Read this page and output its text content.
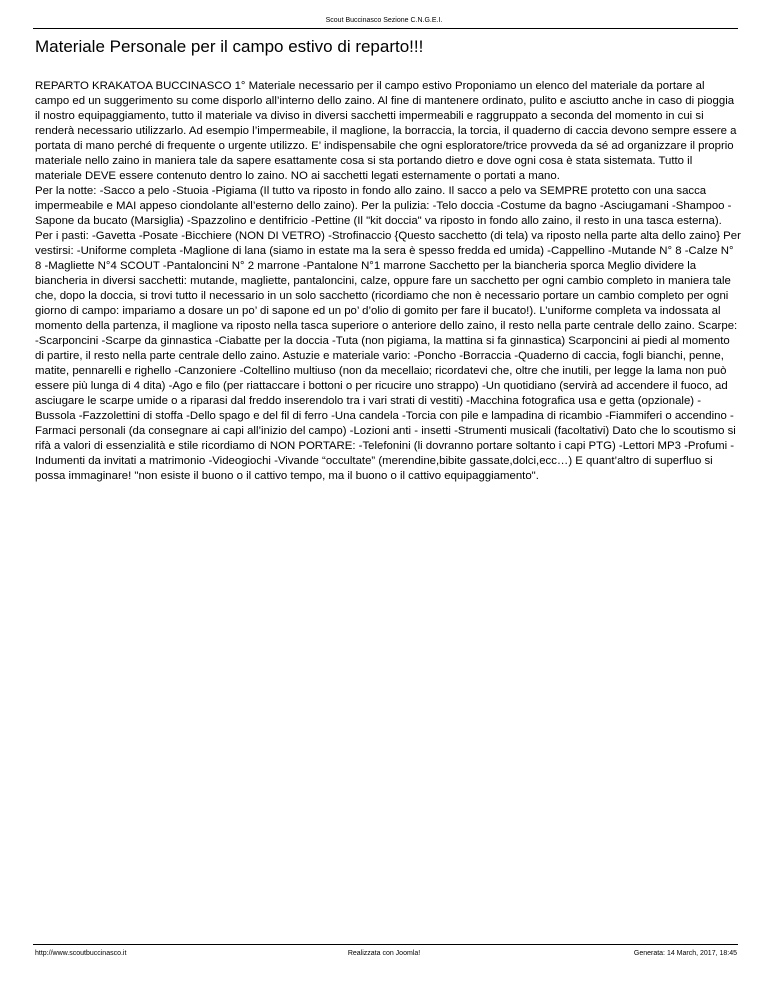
Scout Buccinasco Sezione C.N.G.E.I.
Materiale Personale per il campo estivo di reparto!!!

REPARTO KRAKATOA BUCCINASCO 1° Materiale necessario per il campo estivo Proponiamo un elenco del materiale da portare al campo ed un suggerimento su come disporlo all’interno dello zaino. Al fine di mantenere ordinato, pulito e asciutto anche in caso di pioggia il nostro equipaggiamento, tutto il materiale va diviso in diversi sacchetti impermeabili e raggruppato a seconda del momento in cui si renderà necessario utilizzarlo. Ad esempio l’impermeabile, il maglione, la borraccia, la torcia, il quaderno di caccia devono sempre essere a portata di mano perché di frequente o urgente utilizzo. E’ indispensabile che ogni esploratore/trice provveda da sé ad organizzare il proprio materiale nello zaino in maniera tale da sapere esattamente cosa si sta portando dietro e dove ogni cosa è stata sistemata. Tutto il materiale DEVE essere contenuto dentro lo zaino. NO ai sacchetti legati esternamente o portati a mano.

Per la notte: -Sacco a pelo -Stuoia -Pigiama (Il tutto va riposto in fondo allo zaino. Il sacco a pelo va SEMPRE protetto con una sacca impermeabile e MAI appeso ciondolante all’esterno dello zaino). Per la pulizia: -Telo doccia -Costume da bagno -Asciugamani -Shampoo -Sapone da bucato (Marsiglia) -Spazzolino e dentifricio -Pettine (Il "kit doccia" va riposto in fondo allo zaino, il resto in una tasca esterna). Per i pasti: -Gavetta -Posate -Bicchiere (NON DI VETRO) -Strofinaccio {Questo sacchetto (di tela) va riposto nella parte alta dello zaino} Per vestirsi: -Uniforme completa -Maglione di lana (siamo in estate ma la sera è spesso fredda ed umida) -Cappellino -Mutande N° 8 -Calze N° 8 -Magliette N°4 SCOUT -Pantaloncini N° 2 marrone -Pantalone N°1 marrone Sacchetto per la biancheria sporca Meglio dividere la biancheria in diversi sacchetti: mutande, magliette, pantaloncini, calze, oppure fare un sacchetto per ogni cambio completo in maniera tale che, dopo la doccia, si trovi tutto il necessario in un solo sacchetto (ricordiamo che non è necessario portare un cambio completo per ogni giorno di campo: impariamo a dosare un po’ di sapone ed un po’ d’olio di gomito per fare il bucato!). L’uniforme completa va indossata al momento della partenza, il maglione va riposto nella tasca superiore o anteriore dello zaino, il resto nella parte centrale dello zaino. Scarpe: -Scarponcini -Scarpe da ginnastica -Ciabatte per la doccia -Tuta (non pigiama, la mattina si fa ginnastica) Scarponcini ai piedi al momento di partire, il resto nella parte centrale dello zaino. Astuzie e materiale vario: -Poncho -Borraccia -Quaderno di caccia, fogli bianchi, penne, matite, pennarelli e righello -Canzoniere -Coltellino multiuso (non da mecellaio; ricordatevi che, oltre che inutili, per legge la lama non può essere più lunga di 4 dita) -Ago e filo (per riattaccare i bottoni o per ricucire uno strappo) -Un quotidiano (servirà ad accendere il fuoco, ad asciugare le scarpe umide o a riparasi dal freddo inserendolo tra i vari strati di vestiti) -Macchina fotografica usa e getta (opzionale) -Bussola -Fazzolettini di stoffa -Dello spago e del fil di ferro -Una candela -Torcia con pile e lampadina di ricambio -Fiammiferi o accendino -Farmaci personali (da consegnare ai capi all’inizio del campo) -Lozioni anti - insetti -Strumenti musicali (facoltativi) Dato che lo scoutismo si rifà a valori di essenzialità e stile ricordiamo di NON PORTARE: -Telefonini (li dovranno portare soltanto i capi PTG) -Lettori MP3 -Profumi -Indumenti da invitati a matrimonio -Videogiochi -Vivande “occultate” (merendine,bibite gassate,dolci,ecc…) E quant’altro di superfluo si possa immaginare! "non esiste il buono o il cattivo tempo, ma il buono o il cattivo equipaggiamento".

http://www.scoutbuccinasco.it	Realizzata con Joomla!	Generata: 14 March, 2017, 18:45
